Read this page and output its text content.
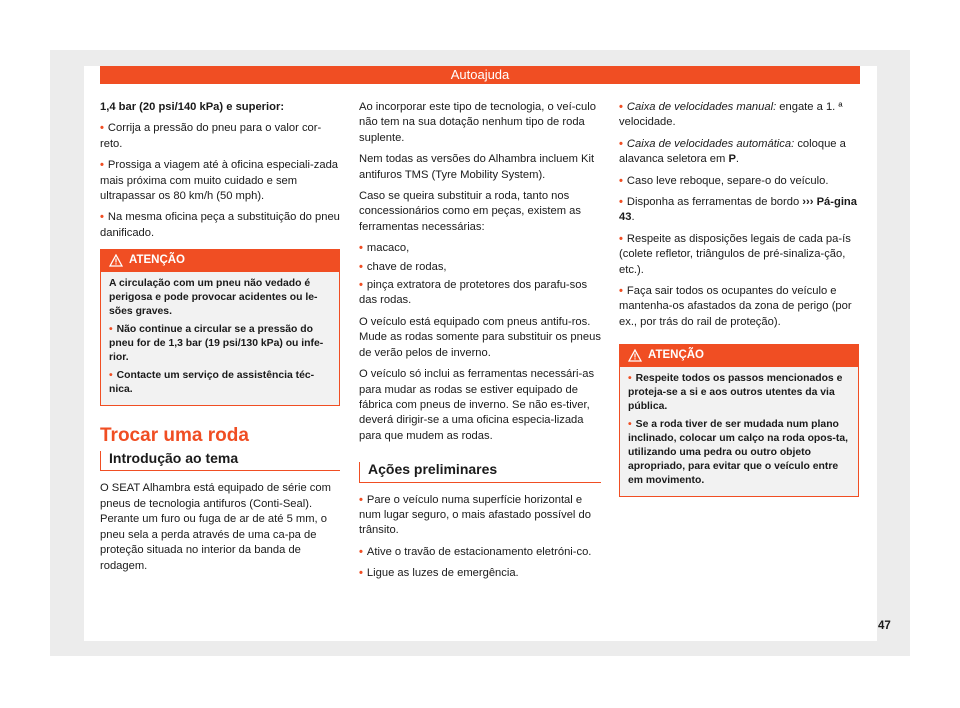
Autoajuda

1,4 bar (20 psi/140 kPa) e superior:

• Corrija a pressão do pneu para o valor cor-reto.

• Prossiga a viagem até à oficina especiali-zada mais próxima com muito cuidado e sem ultrapassar os 80 km/h (50 mph).

• Na mesma oficina peça a substituição do pneu danificado.

ATENÇÃO

A circulação com um pneu não vedado é perigosa e pode provocar acidentes ou le-sões graves.

• Não continue a circular se a pressão do pneu for de 1,3 bar (19 psi/130 kPa) ou infe-rior.

• Contacte um serviço de assistência téc-nica.

Trocar uma roda
Introdução ao tema

O SEAT Alhambra está equipado de série com pneus de tecnologia antifuros (Conti-Seal). Perante um furo ou fuga de ar de até 5 mm, o pneu sela a perda através de uma ca-pa de proteção situada no interior da banda de rodagem.

Ao incorporar este tipo de tecnologia, o veí-culo não tem na sua dotação nenhum tipo de roda suplente.

Nem todas as versões do Alhambra incluem Kit antifuros TMS (Tyre Mobility System).

Caso se queira substituir a roda, tanto nos concessionários como em peças, existem as ferramentas necessárias:

• macaco,

• chave de rodas,

• pinça extratora de protetores dos parafu-sos das rodas.

O veículo está equipado com pneus antifu-ros. Mude as rodas somente para substituir os pneus de verão pelos de inverno.

O veículo só inclui as ferramentas necessári-as para mudar as rodas se estiver equipado de fábrica com pneus de inverno. Se não es-tiver, deverá dirigir-se a uma oficina especia-lizada para que mudem as rodas.

Ações preliminares

• Pare o veículo numa superfície horizontal e num lugar seguro, o mais afastado possível do trânsito.

• Ative o travão de estacionamento eletróni-co.

• Ligue as luzes de emergência.

• Caixa de velocidades manual: engate a 1. ª velocidade.

• Caixa de velocidades automática: coloque a alavanca seletora em P.

• Caso leve reboque, separe-o do veículo.

• Disponha as ferramentas de bordo ››› Pá-gina 43.

• Respeite as disposições legais de cada pa-ís (colete refletor, triângulos de pré-sinaliza-ção, etc.).

• Faça sair todos os ocupantes do veículo e mantenha-os afastados da zona de perigo (por ex., por trás do rail de proteção).

ATENÇÃO

• Respeite todos os passos mencionados e proteja-se a si e aos outros utentes da via pública.

• Se a roda tiver de ser mudada num plano inclinado, colocar um calço na roda opos-ta, utilizando uma pedra ou outro objeto apropriado, para evitar que o veículo entre em movimento.

47
